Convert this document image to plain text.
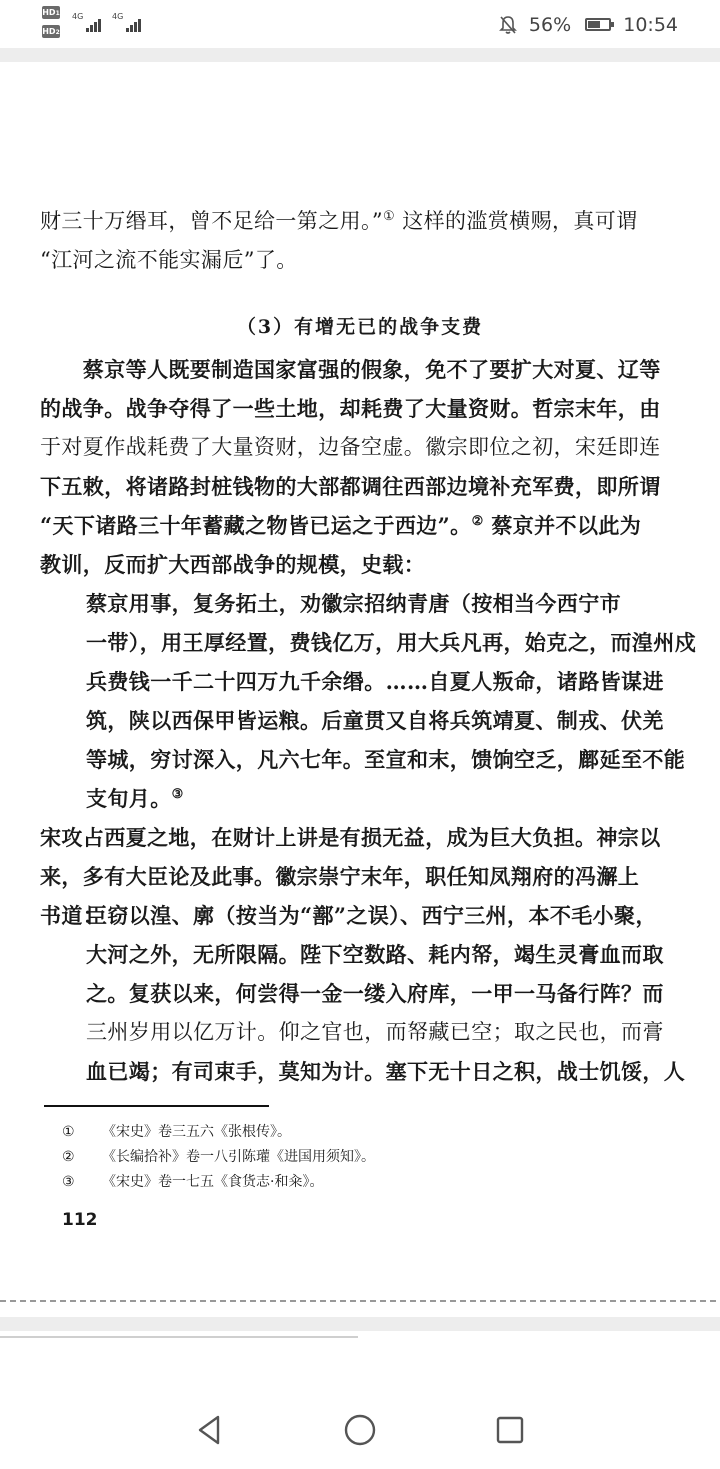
HD1
HD2
4G	4G	56%	10:54

财三十万缗耳，曾不足给一第之用。”① 这样的滥赏横赐，真可谓

“江河之流不能实漏卮”了。

（3）有增无已的战争支费

　　蔡京等人既要制造国家富强的假象，免不了要扩大对夏、辽等

的战争。战争夺得了一些土地，却耗费了大量资财。哲宗末年，由

于对夏作战耗费了大量资财，边备空虚。徽宗即位之初，宋廷即连

下五敕，将诸路封桩钱物的大部都调往西部边境补充军费，即所谓

“天下诸路三十年蓄藏之物皆已运之于西边”。② 蔡京并不以此为

教训，反而扩大西部战争的规模，史载：

蔡京用事，复务拓土，劝徽宗招纳青唐（按相当今西宁市

一带），用王厚经置，费钱亿万，用大兵凡再，始克之，而湟州戍

兵费钱一千二十四万九千余缗。……自夏人叛命，诸路皆谋进

筑，陕以西保甲皆运粮。后童贯又自将兵筑靖夏、制戎、伏羌

等城，穷讨深入，凡六七年。至宣和末，馈饷空乏，鄜延至不能

支旬月。③

宋攻占西夏之地，在财计上讲是有损无益，成为巨大负担。神宗以

来，多有大臣论及此事。徽宗崇宁末年，职任知凤翔府的冯澥上

书道：

臣窃以湟、廓（按当为“鄯”之误）、西宁三州，本不毛小聚，

大河之外，无所限隔。陛下空数路、耗内帑，竭生灵膏血而取

之。复获以来，何尝得一金一缕入府库，一甲一马备行阵？而

三州岁用以亿万计。仰之官也，而帑藏已空；取之民也，而膏

血已竭；有司束手，莫知为计。塞下无十日之积，战士饥馁，人

① 《宋史》卷三五六《张根传》。
② 《长编拾补》卷一八引陈瓘《进国用须知》。
③ 《宋史》卷一七五《食货志·和籴》。
112
